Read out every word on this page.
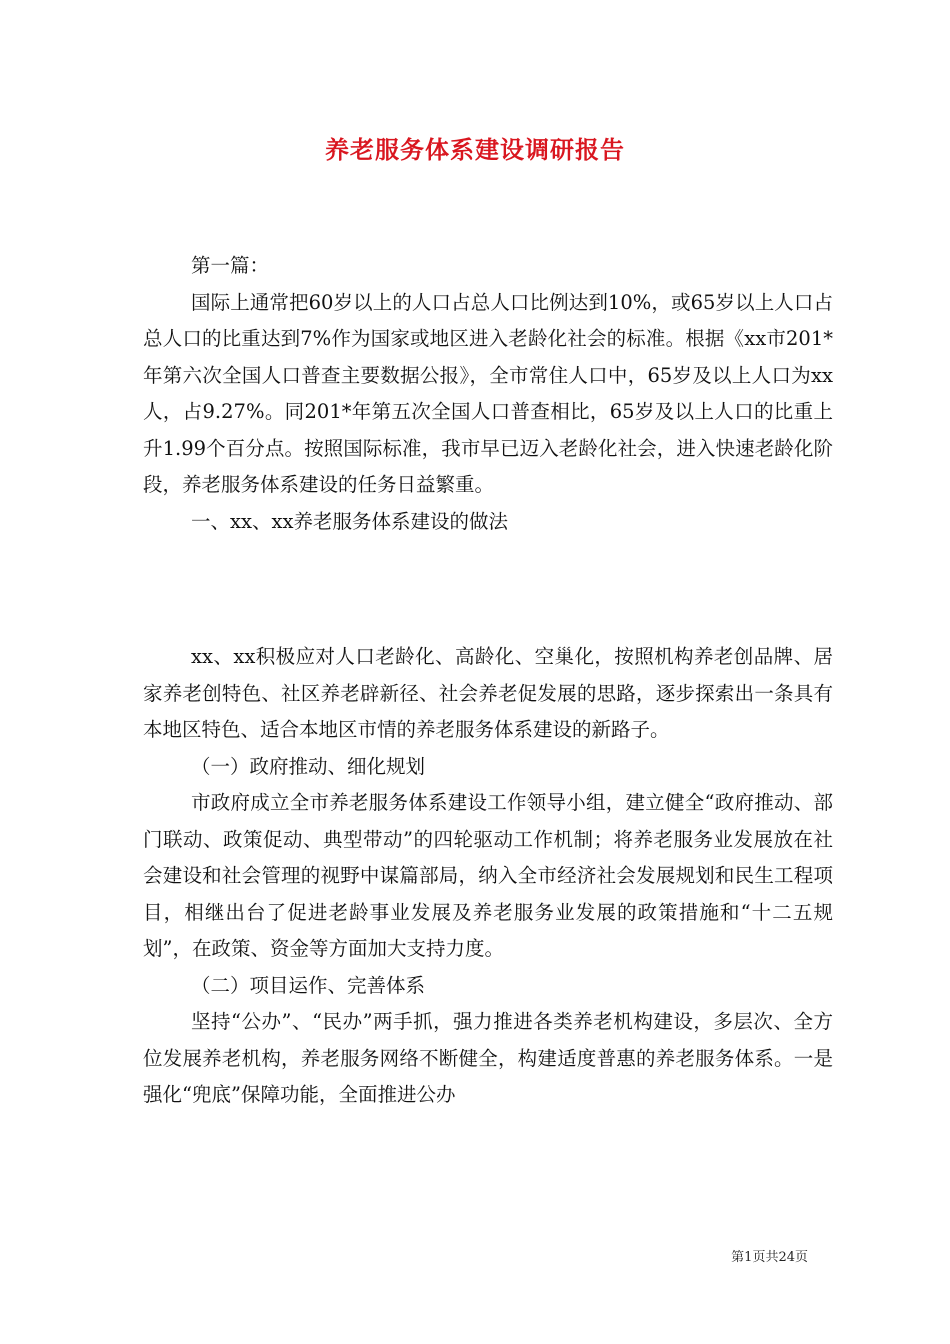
养老服务体系建设调研报告

第一篇：

国际上通常把60岁以上的人口占总人口比例达到10%，或65岁以上人口占总人口的比重达到7%作为国家或地区进入老龄化社会的标准。根据《xx市201*年第六次全国人口普查主要数据公报》，全市常住人口中，65岁及以上人口为xx人，占9.27%。同201*年第五次全国人口普查相比，65岁及以上人口的比重上升1.99个百分点。按照国际标准，我市早已迈入老龄化社会，进入快速老龄化阶段，养老服务体系建设的任务日益繁重。

一、xx、xx养老服务体系建设的做法

xx、xx积极应对人口老龄化、高龄化、空巢化，按照机构养老创品牌、居家养老创特色、社区养老辟新径、社会养老促发展的思路，逐步探索出一条具有本地区特色、适合本地区市情的养老服务体系建设的新路子。

（一）政府推动、细化规划

市政府成立全市养老服务体系建设工作领导小组，建立健全“政府推动、部门联动、政策促动、典型带动”的四轮驱动工作机制；将养老服务业发展放在社会建设和社会管理的视野中谋篇部局，纳入全市经济社会发展规划和民生工程项目，相继出台了促进老龄事业发展及养老服务业发展的政策措施和“十二五规划”，在政策、资金等方面加大支持力度。

（二）项目运作、完善体系

坚持“公办”、“民办”两手抓，强力推进各类养老机构建设，多层次、全方位发展养老机构，养老服务网络不断健全，构建适度普惠的养老服务体系。一是强化“兜底”保障功能，全面推进公办

第1页共24页
